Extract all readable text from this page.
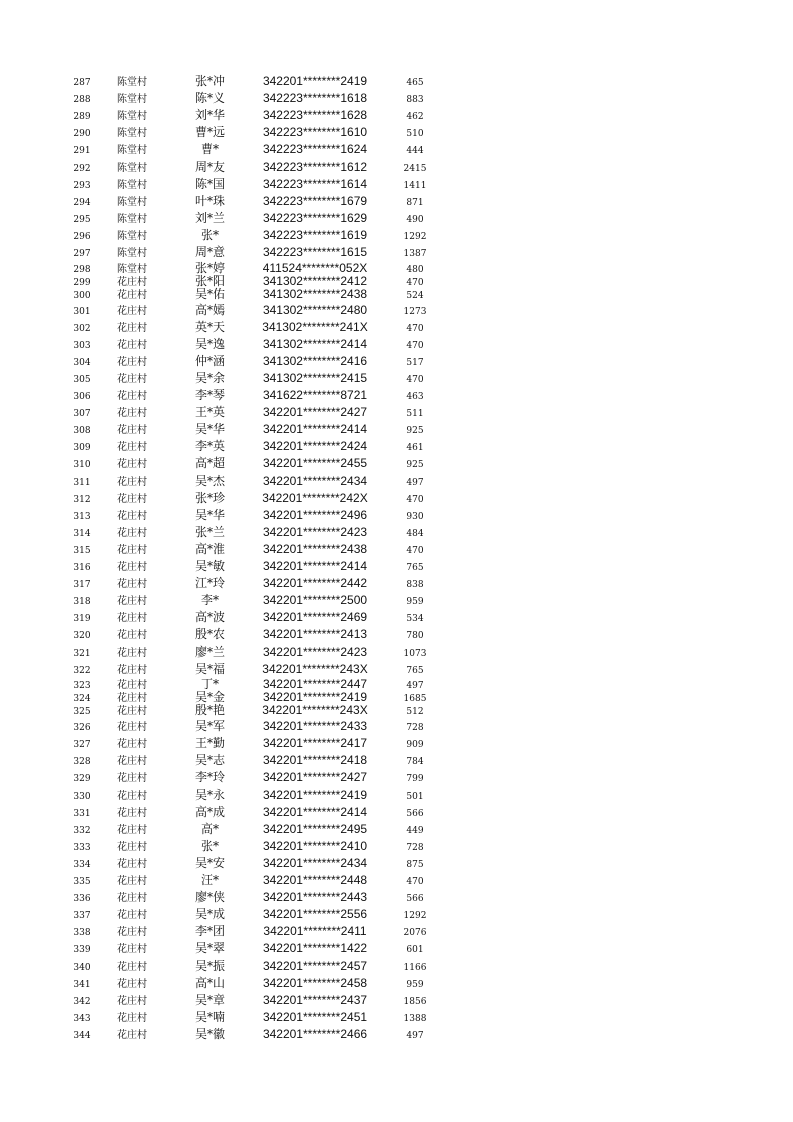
287	陈堂村	张*冲	342201********2419	465
288	陈堂村	陈*义	342223********1618	883
289	陈堂村	刘*华	342223********1628	462
290	陈堂村	曹*远	342223********1610	510
291	陈堂村	曹*	342223********1624	444
292	陈堂村	周*友	342223********1612	2415
293	陈堂村	陈*国	342223********1614	1411
294	陈堂村	叶*珠	342223********1679	871
295	陈堂村	刘*兰	342223********1629	490
296	陈堂村	张*	342223********1619	1292
297	陈堂村	周*意	342223********1615	1387
298	陈堂村	张*婷	411524********052X	480
299	花庄村	张*阳	341302********2412	470
300	花庄村	吴*佑	341302********2438	524
301	花庄村	高*嫣	341302********2480	1273
302	花庄村	英*天	341302********241X	470
303	花庄村	吴*逸	341302********2414	470
304	花庄村	仲*涵	341302********2416	517
305	花庄村	吴*余	341302********2415	470
306	花庄村	李*琴	341622********8721	463
307	花庄村	王*英	342201********2427	511
308	花庄村	吴*华	342201********2414	925
309	花庄村	李*英	342201********2424	461
310	花庄村	高*超	342201********2455	925
311	花庄村	吴*杰	342201********2434	497
312	花庄村	张*珍	342201********242X	470
313	花庄村	吴*华	342201********2496	930
314	花庄村	张*兰	342201********2423	484
315	花庄村	高*淮	342201********2438	470
316	花庄村	吴*敏	342201********2414	765
317	花庄村	江*玲	342201********2442	838
318	花庄村	李*	342201********2500	959
319	花庄村	高*波	342201********2469	534
320	花庄村	殷*农	342201********2413	780
321	花庄村	廖*兰	342201********2423	1073
322	花庄村	吴*福	342201********243X	765
323	花庄村	丁*	342201********2447	497
324	花庄村	吴*金	342201********2419	1685
325	花庄村	殷*艳	342201********243X	512
326	花庄村	吴*军	342201********2433	728
327	花庄村	王*勤	342201********2417	909
328	花庄村	吴*志	342201********2418	784
329	花庄村	李*玲	342201********2427	799
330	花庄村	吴*永	342201********2419	501
331	花庄村	高*成	342201********2414	566
332	花庄村	高*	342201********2495	449
333	花庄村	张*	342201********2410	728
334	花庄村	吴*安	342201********2434	875
335	花庄村	汪*	342201********2448	470
336	花庄村	廖*侠	342201********2443	566
337	花庄村	吴*成	342201********2556	1292
338	花庄村	李*团	342201********2411	2076
339	花庄村	吴*翠	342201********1422	601
340	花庄村	吴*振	342201********2457	1166
341	花庄村	高*山	342201********2458	959
342	花庄村	吴*章	342201********2437	1856
343	花庄村	吴*喃	342201********2451	1388
344	花庄村	吴*徽	342201********2466	497
